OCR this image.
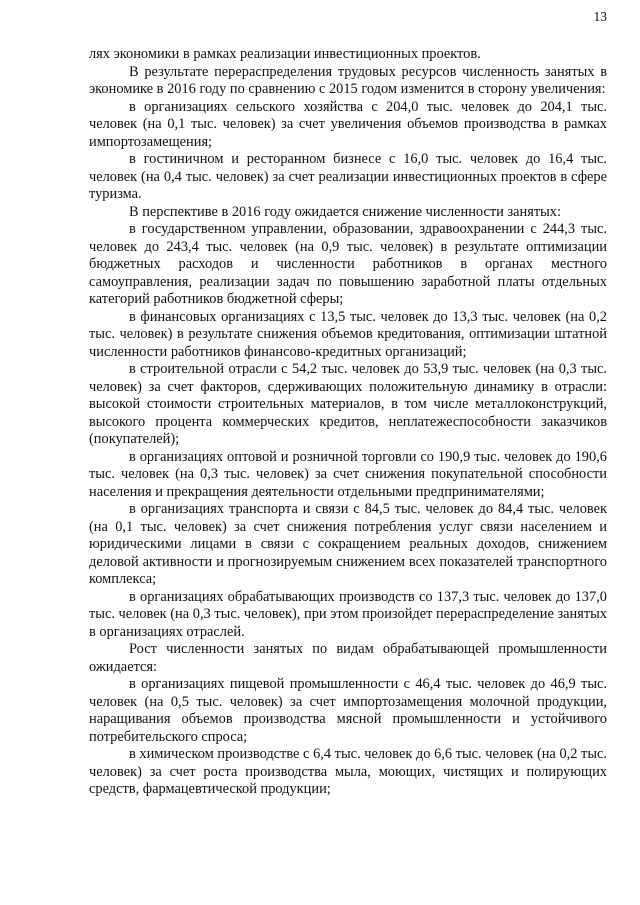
13

лях экономики в рамках реализации инвестиционных проектов.

В результате перераспределения трудовых ресурсов численность занятых в экономике в 2016 году по сравнению с 2015 годом изменится в сторону увеличения:

в организациях сельского хозяйства с 204,0 тыс. человек до 204,1 тыс. человек (на 0,1 тыс. человек) за счет увеличения объемов производства в рамках импортозамещения;

в гостиничном и ресторанном бизнесе с 16,0 тыс. человек до 16,4 тыс. человек (на 0,4 тыс. человек) за счет реализации инвестиционных проектов в сфере туризма.

В перспективе в 2016 году ожидается снижение численности занятых:

в государственном управлении, образовании, здравоохранении с 244,3 тыс. человек до 243,4 тыс. человек (на 0,9 тыс. человек) в результате оптимизации бюджетных расходов и численности работников в органах местного самоуправления, реализации задач по повышению заработной платы отдельных категорий работников бюджетной сферы;

в финансовых организациях с 13,5 тыс. человек до 13,3 тыс. человек (на 0,2 тыс. человек) в результате снижения объемов кредитования, оптимизации штатной численности работников финансово-кредитных организаций;

в строительной отрасли с 54,2 тыс. человек до 53,9 тыс. человек (на 0,3 тыс. человек) за счет факторов, сдерживающих положительную динамику в отрасли: высокой стоимости строительных материалов, в том числе металлоконструкций, высокого процента коммерческих кредитов, неплатежеспособности заказчиков (покупателей);

в организациях оптовой и розничной торговли со 190,9 тыс. человек до 190,6 тыс. человек (на 0,3 тыс. человек) за счет снижения покупательной способности населения и прекращения деятельности отдельными предпринимателями;

в организациях транспорта и связи с 84,5 тыс. человек до 84,4 тыс. человек (на 0,1 тыс. человек) за счет снижения потребления услуг связи населением и юридическими лицами в связи с сокращением реальных доходов, снижением деловой активности и прогнозируемым снижением всех показателей транспортного комплекса;

в организациях обрабатывающих производств со 137,3 тыс. человек до 137,0 тыс. человек (на 0,3 тыс. человек), при этом произойдет перераспределение занятых в организациях отраслей.

Рост численности занятых по видам обрабатывающей промышленности ожидается:

в организациях пищевой промышленности с 46,4 тыс. человек до 46,9 тыс. человек (на 0,5 тыс. человек) за счет импортозамещения молочной продукции, наращивания объемов производства мясной промышленности и устойчивого потребительского спроса;

в химическом производстве с 6,4 тыс. человек до 6,6 тыс. человек (на 0,2 тыс. человек) за счет роста производства мыла, моющих, чистящих и полирующих средств, фармацевтической продукции;
